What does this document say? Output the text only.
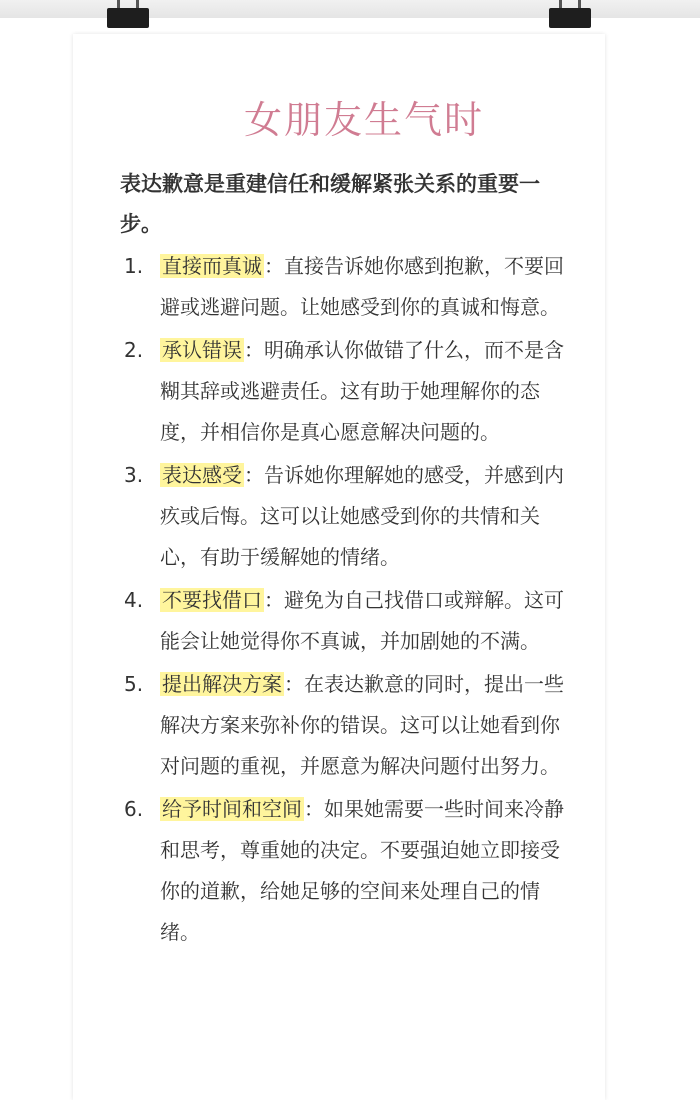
女朋友生气时
表达歉意是重建信任和缓解紧张关系的重要一步。
1. 直接而真诚 ：直接告诉她你感到抱歉，不要回避或逃避问题。让她感受到你的真诚和悔意。
2. 承认错误 ：明确承认你做错了什么，而不是含糊其辞或逃避责任。这有助于她理解你的态度，并相信你是真心愿意解决问题的。
3. 表达感受 ：告诉她你理解她的感受，并感到内疚或后悔。这可以让她感受到你的共情和关心，有助于缓解她的情绪。
4. 不要找借口 ：避免为自己找借口或辩解。这可能会让她觉得你不真诚，并加剧她的不满。
5. 提出解决方案 ：在表达歉意的同时，提出一些解决方案来弥补你的错误。这可以让她看到你对问题的重视，并愿意为解决问题付出努力。
6. 给予时间和空间 ：如果她需要一些时间来冷静和思考，尊重她的决定。不要强迫她立即接受你的道歉，给她足够的空间来处理自己的情绪。
